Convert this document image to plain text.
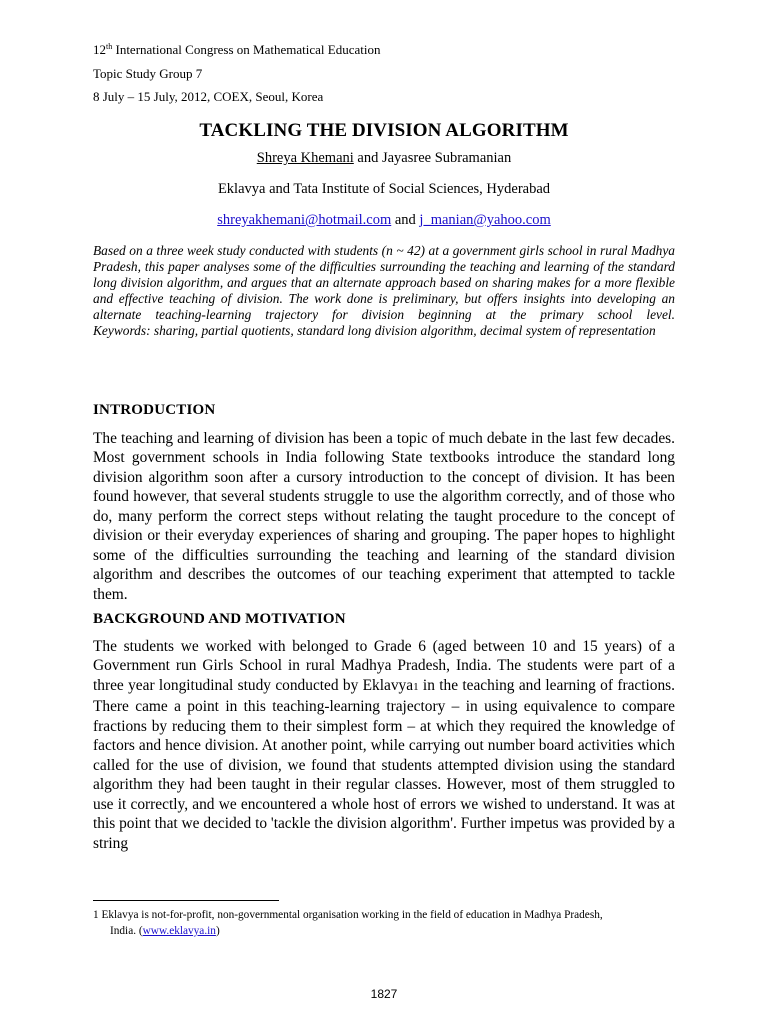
12th International Congress on Mathematical Education
Topic Study Group 7
8 July – 15 July, 2012, COEX, Seoul, Korea
TACKLING THE DIVISION ALGORITHM
Shreya Khemani and Jayasree Subramanian
Eklavya and Tata Institute of Social Sciences, Hyderabad
shreyakhemani@hotmail.com and j_manian@yahoo.com

Based on a three week study conducted with students (n ~ 42) at a government girls school in rural Madhya Pradesh, this paper analyses some of the difficulties surrounding the teaching and learning of the standard long division algorithm, and argues that an alternate approach based on sharing makes for a more flexible and effective teaching of division. The work done is preliminary, but offers insights into developing an alternate teaching-learning trajectory for division beginning at the primary school level.

Keywords: sharing, partial quotients, standard long division algorithm, decimal system of representation

INTRODUCTION

The teaching and learning of division has been a topic of much debate in the last few decades. Most government schools in India following State textbooks introduce the standard long division algorithm soon after a cursory introduction to the concept of division. It has been found however, that several students struggle to use the algorithm correctly, and of those who do, many perform the correct steps without relating the taught procedure to the concept of division or their everyday experiences of sharing and grouping. The paper hopes to highlight some of the difficulties surrounding the teaching and learning of the standard division algorithm and describes the outcomes of our teaching experiment that attempted to tackle them.

BACKGROUND AND MOTIVATION

The students we worked with belonged to Grade 6 (aged between 10 and 15 years) of a Government run Girls School in rural Madhya Pradesh, India. The students were part of a three year longitudinal study conducted by Eklavya1 in the teaching and learning of fractions. There came a point in this teaching-learning trajectory – in using equivalence to compare fractions by reducing them to their simplest form – at which they required the knowledge of factors and hence division. At another point, while carrying out number board activities which called for the use of division, we found that students attempted division using the standard algorithm they had been taught in their regular classes. However, most of them struggled to use it correctly, and we encountered a whole host of errors we wished to understand. It was at this point that we decided to 'tackle the division algorithm'. Further impetus was provided by a string

1 Eklavya is not-for-profit, non-governmental organisation working in the field of education in Madhya Pradesh,
India. (www.eklavya.in)
1827
